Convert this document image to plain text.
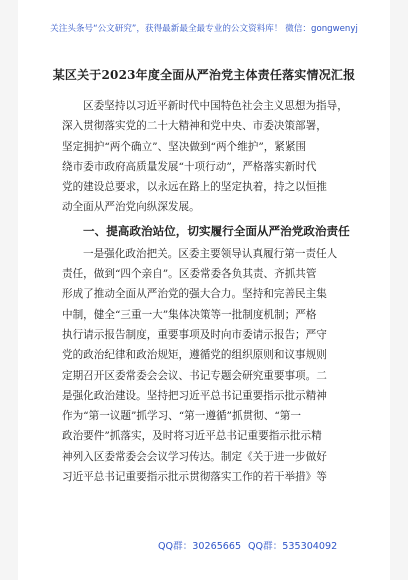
关注头条号“公文研究”，获得最新最全最专业的公文资料库！ 微信：gongwenyj
某区关于2023年度全面从严治党主体责任落实情况汇报
区委坚持以习近平新时代中国特色社会主义思想为指导，
深入贯彻落实党的二十大精神和党中央、市委决策部署，
坚定拥护“两个确立”、坚决做到“两个维护”，紧紧围
绕市委市政府高质量发展“十项行动”，严格落实新时代
党的建设总要求，以永远在路上的坚定执着，持之以恒推
动全面从严治党向纵深发展。
一、提高政治站位，切实履行全面从严治党政治责任
一是强化政治把关。区委主要领导认真履行第一责任人
责任，做到“四个亲自”。区委常委各负其责、齐抓共管
形成了推动全面从严治党的强大合力。坚持和完善民主集
中制，健全“三重一大”集体决策等一批制度机制；严格
执行请示报告制度，重要事项及时向市委请示报告；严守
党的政治纪律和政治规矩，遵循党的组织原则和议事规则
定期召开区委常委会会议、书记专题会研究重要事项。二
是强化政治建设。坚持把习近平总书记重要指示批示精神
作为“第一议题”抓学习、“第一遵循”抓贯彻、“第一
政治要件”抓落实，及时将习近平总书记重要指示批示精
神列入区委常委会会议学习传达。制定《关于进一步做好
习近平总书记重要指示批示贯彻落实工作的若干举措》等
QQ群：30265665 QQ群：535304092
